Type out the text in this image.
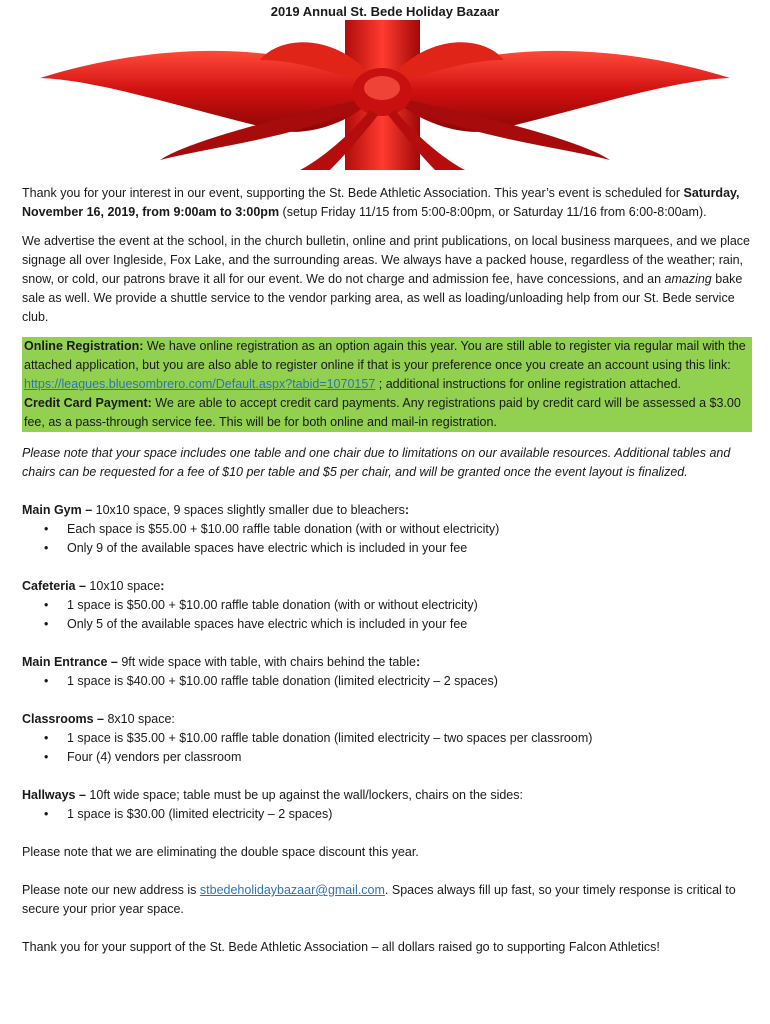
2019 Annual St. Bede Holiday Bazaar

Thank you for your interest in our event, supporting the St. Bede Athletic Association. This year’s event is scheduled for Saturday, November 16, 2019, from 9:00am to 3:00pm (setup Friday 11/15 from 5:00-8:00pm, or Saturday 11/16 from 6:00-8:00am).

We advertise the event at the school, in the church bulletin, online and print publications, on local business marquees, and we place signage all over Ingleside, Fox Lake, and the surrounding areas. We always have a packed house, regardless of the weather; rain, snow, or cold, our patrons brave it all for our event. We do not charge and admission fee, have concessions, and an amazing bake sale as well. We provide a shuttle service to the vendor parking area, as well as loading/unloading help from our St. Bede service club.

Online Registration: We have online registration as an option again this year. You are still able to register via regular mail with the attached application, but you are also able to register online if that is your preference once you create an account using this link: https://leagues.bluesombrero.com/Default.aspx?tabid=1070157 ; additional instructions for online registration attached.
Credit Card Payment: We are able to accept credit card payments. Any registrations paid by credit card will be assessed a $3.00 fee, as a pass-through service fee. This will be for both online and mail-in registration.

Please note that your space includes one table and one chair due to limitations on our available resources. Additional tables and chairs can be requested for a fee of $10 per table and $5 per chair, and will be granted once the event layout is finalized.

Main Gym – 10x10 space, 9 spaces slightly smaller due to bleachers:
• Each space is $55.00 + $10.00 raffle table donation (with or without electricity)
• Only 9 of the available spaces have electric which is included in your fee
Cafeteria – 10x10 space:
• 1 space is $50.00 + $10.00 raffle table donation (with or without electricity)
• Only 5 of the available spaces have electric which is included in your fee
Main Entrance – 9ft wide space with table, with chairs behind the table:
• 1 space is $40.00 + $10.00 raffle table donation (limited electricity – 2 spaces)
Classrooms – 8x10 space:
• 1 space is $35.00 + $10.00 raffle table donation (limited electricity – two spaces per classroom)
• Four (4) vendors per classroom
Hallways – 10ft wide space; table must be up against the wall/lockers, chairs on the sides:
• 1 space is $30.00 (limited electricity – 2 spaces)

Please note that we are eliminating the double space discount this year.

Please note our new address is stbedeholidaybazaar@gmail.com. Spaces always fill up fast, so your timely response is critical to secure your prior year space.

Thank you for your support of the St. Bede Athletic Association – all dollars raised go to supporting Falcon Athletics!
